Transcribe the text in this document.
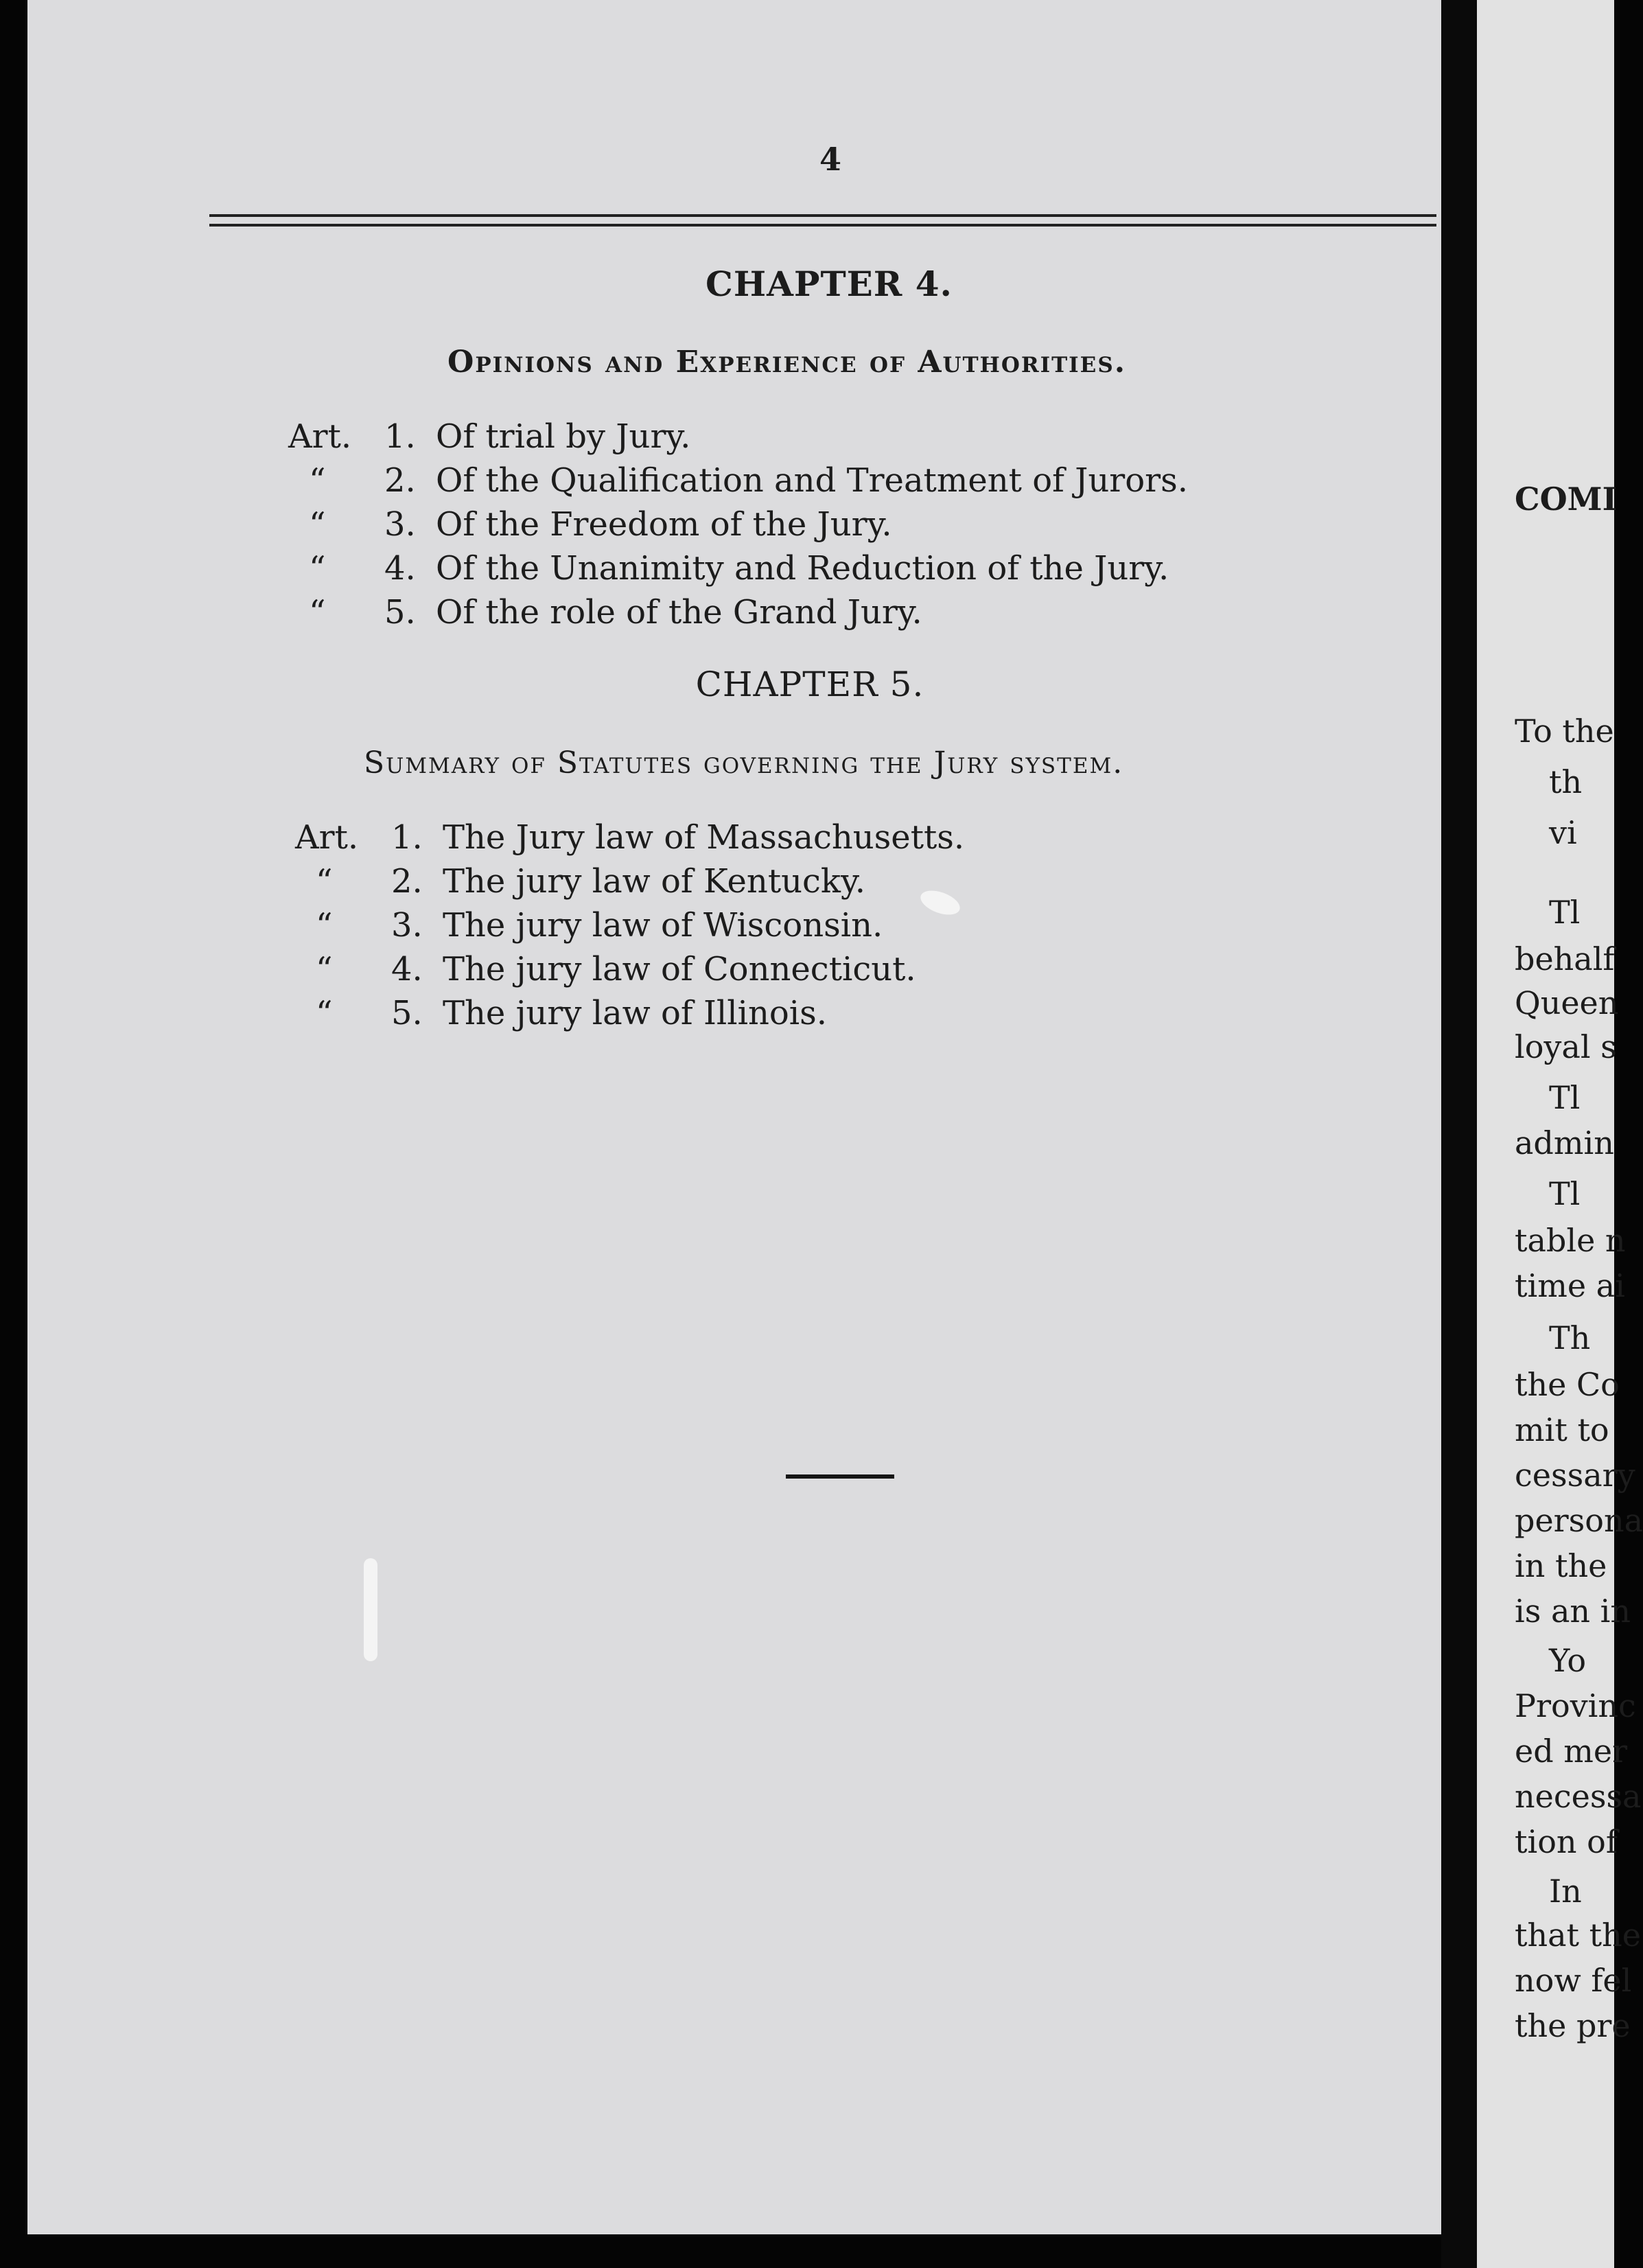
4
CHAPTER 4.
Opinions and Experience of Authorities.
Art. 1. Of trial by Jury.
“	2. Of the Qualification and Treatment of Jurors.
“	3. Of the Freedom of the Jury.
“	4. Of the Unanimity and Reduction of the Jury.
“	5. Of the role of the Grand Jury.
CHAPTER 5.
Summary of Statutes governing the Jury system.
Art. 1. The Jury law of Massachusetts.
“	2. The jury law of Kentucky.
“	3. The jury law of Wisconsin.
“	4. The jury law of Connecticut.
“	5. The jury law of Illinois.
COMI
To the
th
vi
Tl
behalf
Queen
loyal s
Tl
admin
Tl
table n
time ai
Th
the Co
mit to
cessary
persona
in the
is an in
Yo
Provinc
ed mer
necessa
tion of
In
that the
now fel
the pre
